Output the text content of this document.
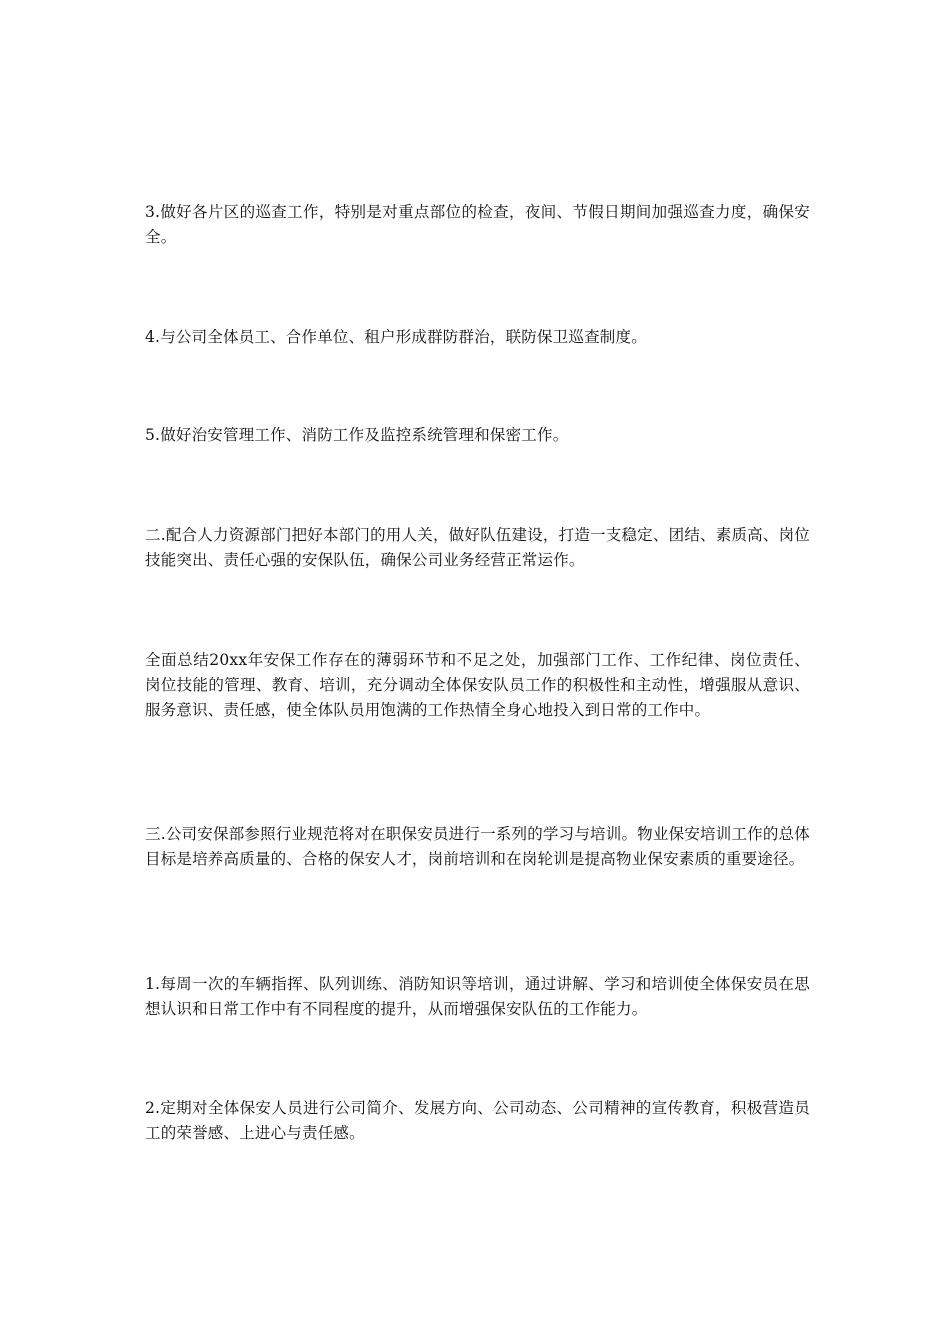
3.做好各片区的巡查工作，特别是对重点部位的检查，夜间、节假日期间加强巡查力度，确保安全。

4.与公司全体员工、合作单位、租户形成群防群治，联防保卫巡查制度。

5.做好治安管理工作、消防工作及监控系统管理和保密工作。

二.配合人力资源部门把好本部门的用人关，做好队伍建设，打造一支稳定、团结、素质高、岗位技能突出、责任心强的安保队伍，确保公司业务经营正常运作。

全面总结20xx年安保工作存在的薄弱环节和不足之处，加强部门工作、工作纪律、岗位责任、岗位技能的管理、教育、培训，充分调动全体保安队员工作的积极性和主动性，增强服从意识、服务意识、责任感，使全体队员用饱满的工作热情全身心地投入到日常的工作中。

三.公司安保部参照行业规范将对在职保安员进行一系列的学习与培训。物业保安培训工作的总体目标是培养高质量的、合格的保安人才，岗前培训和在岗轮训是提高物业保安素质的重要途径。

1.每周一次的车辆指挥、队列训练、消防知识等培训，通过讲解、学习和培训使全体保安员在思想认识和日常工作中有不同程度的提升，从而增强保安队伍的工作能力。

2.定期对全体保安人员进行公司简介、发展方向、公司动态、公司精神的宣传教育，积极营造员工的荣誉感、上进心与责任感。
